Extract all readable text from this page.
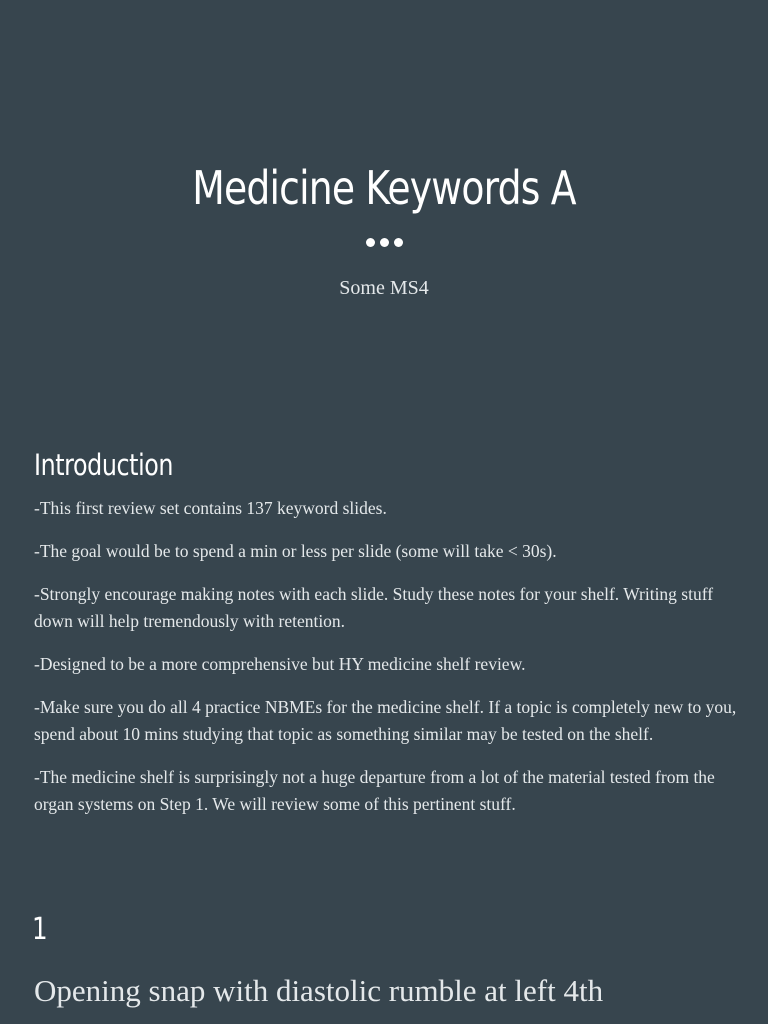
Medicine Keywords A
Some MS4
Introduction

-This first review set contains 137 keyword slides.

-The goal would be to spend a min or less per slide (some will take < 30s).

-Strongly encourage making notes with each slide. Study these notes for your shelf. Writing stuff down will help tremendously with retention.

-Designed to be a more comprehensive but HY medicine shelf review.

-Make sure you do all 4 practice NBMEs for the medicine shelf. If a topic is completely new to you, spend about 10 mins studying that topic as something similar may be tested on the shelf.

-The medicine shelf is surprisingly not a huge departure from a lot of the material tested from the organ systems on Step 1. We will review some of this pertinent stuff.

1
Opening snap with diastolic rumble at left 4th
